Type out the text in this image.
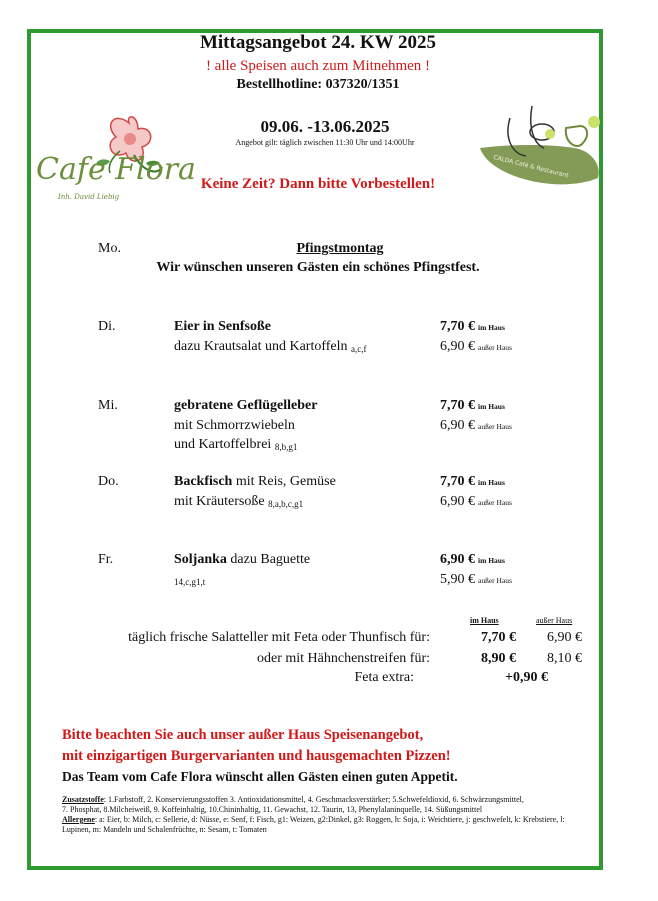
Mittagsangebot 24. KW 2025
! alle Speisen auch zum Mitnehmen !
Bestellhotline: 037320/1351
09.06. -13.06.2025
Angebot gilt: täglich zwischen 11:30 Uhr und 14:00Uhr
Keine Zeit? Dann bitte Vorbestellen!
Cafe Flora
Inh. David Liebig
CALDA Café & Restaurant
Mo.	Pfingstmontag
Wir wünschen unseren Gästen ein schönes Pfingstfest.
Di.	Eier in Senfsoße
dazu Krautsalat und Kartoffeln a,c,f
7,70 € im Haus
6,90 € außer Haus
Mi.	gebratene Geflügelleber
mit Schmorrzwiebeln
und Kartoffelbrei 8,b,g1
7,70 € im Haus
6,90 € außer Haus
Do.	Backfisch mit Reis, Gemüse
mit Kräutersoße 8,a,b,c,g1
7,70 € im Haus
6,90 € außer Haus
Fr.	Soljanka dazu Baguette
14,c,g1,t
6,90 € im Haus
5,90 € außer Haus
im Haus	außer Haus
täglich frische Salatteller mit Feta oder Thunfisch für:	7,70 € 6,90 €
oder mit Hähnchenstreifen für:	8,90 € 8,10 €
Feta extra:	+0,90 €
Bitte beachten Sie auch unser außer Haus Speisenangebot,
mit einzigartigen Burgervarianten und hausgemachten Pizzen!
Das Team vom Cafe Flora wünscht allen Gästen einen guten Appetit.
Zusatzstoffe: 1.Farbstoff, 2. Konservierungsstoffen 3. Antioxidationsmittel, 4. Geschmacksverstärker; 5.Schwefeldioxid, 6. Schwärzungsmittel,
7. Phosphat, 8.Milcheiweiß, 9. Koffeinhaltig, 10.Chininhaltig, 11. Gewachst, 12. Taurin, 13, Phenylalaninquelle, 14. Süßungsmittel
Allergene: a: Eier, b: Milch, c: Sellerie, d: Nüsse, e: Senf, f: Fisch, g1: Weizen, g2:Dinkel, g3: Roggen, h: Soja, i: Weichtiere, j: geschwefelt, k: Krebstiere, l: Lupinen, m: Mandeln und Schalenfrüchte, n: Sesam, t: Tomaten
